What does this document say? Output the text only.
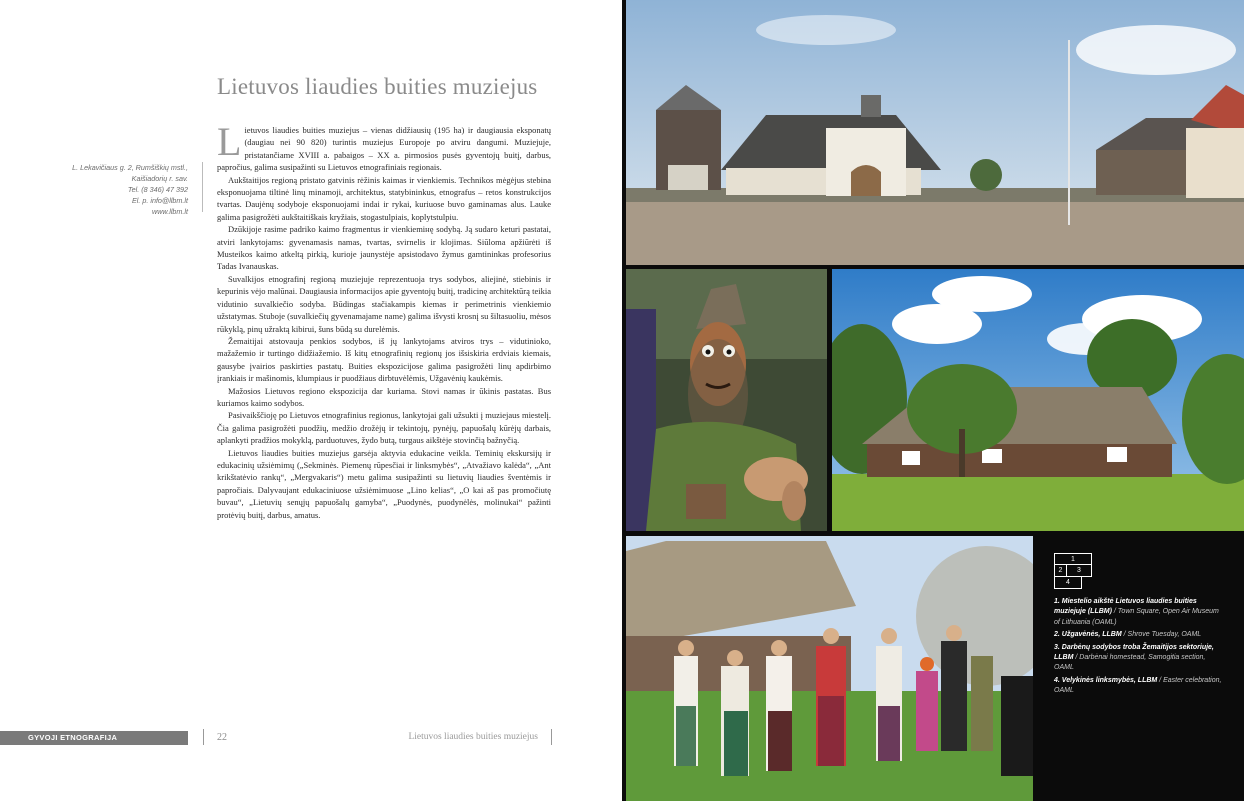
Lietuvos liaudies buities muziejus
L. Lekavičiaus g. 2, Rumšiškių mstl.,
Kaišiadorių r. sav.
Tel. (8 346) 47 392
El. p. info@llbm.lt
www.llbm.lt

Lietuvos liaudies buities muziejus – vienas didžiausių (195 ha) ir daugiausia eksponatų (daugiau nei 90 820) turintis muziejus Europoje po atviru dangumi. Muziejuje, pristatančiame XVIII a. pabaigos – XX a. pirmosios pusės gyventojų buitį, darbus, papročius, galima susipažinti su Lietuvos etnografiniais regionais.

Aukštaitijos regioną pristato gatvinis rėžinis kaimas ir vienkiemis. Technikos mėgėjus stebina eksponuojama tiltinė linų minamoji, architektus, statybininkus, etnografus – retos konstrukcijos tvartas. Daujėnų sodyboje eksponuojami indai ir rykai, kuriuose buvo gaminamas alus. Lauke galima pasigrožėti aukštaitiškais kryžiais, stogastulpiais, koplytstulpiu.

Dzūkijoje rasime padriko kaimo fragmentus ir vienkiemінę sodybą. Ją sudaro keturi pastatai, atviri lankytojams: gyvenamasis namas, tvartas, svirnelis ir klojimas. Siūloma apžiūrėti iš Musteikos kaimo atkeltą pirkią, kurioje jaunystėje apsistodavo žymus gamtininkas profesorius Tadas Ivanauskas.

Suvalkijos etnografinį regioną muziejuje reprezentuoja trys sodybos, aliejinė, stiebinis ir kepurinis vėjo malūnai. Daugiausia informacijos apie gyventojų buitį, tradicinę architektūrą teikia vidutinio suvalkiečio sodyba. Būdingas stačiakampis kiemas ir perimetrinis vienkiemio užstatymas. Stuboje (suvalkiečių gyvenamajame name) galima išvysti krosnį su šiltasuoliu, mėsos rūkyklą, pinų užraktą kibirui, šuns būdą su durelėmis.

Žemaitijai atstovauja penkios sodybos, iš jų lankytojams atviros trys – vidutinioko, mažažemio ir turtingo didžiažemio. Iš kitų etnografinių regionų jos išsiskiria erdviais kiemais, gausybe įvairios paskirties pastatų. Buities ekspozicijose galima pasigrožėti linų apdirbimo įrankiais ir mašinomis, klumpiaus ir puodžiaus dirbtuvėlėmis, Užgavėnių kaukėmis.

Mažosios Lietuvos regiono ekspozicija dar kuriama. Stovi namas ir ūkinis pastatas. Bus kuriamos kaimo sodybos.

Pasivaikščioję po Lietuvos etnografinius regionus, lankytojai gali užsukti į muziejaus miestelį. Čia galima pasigrožėti puodžių, medžio drožėjų ir tekintojų, pynėjų, papuošalų kūrėjų darbais, aplankyti pradžios mokyklą, parduotuves, žydo butą, turgaus aikštėje stovinčią bažnyčią.

Lietuvos liaudies buities muziejus garsėja aktyvia edukacine veikla. Teminių ekskursijų ir edukacinių užsiėmimų („Sekminės. Piemenų rūpesčiai ir linksmybės“, „Atvažiavo kalėda“, „Ant krikštatėvio rankų“, „Mergvakaris“) metu galima susipažinti su lietuvių liaudies šventėmis ir papročiais. Dalyvaujant edukaciniuose užsiėmimuose „Lino kelias“, „O kai aš pas promočiutę buvau“, „Lietuvių senųjų papuošalų gamyba“, „Puodynės, puodynėlės, molinukai“ pažinti protėvių buitį, darbus, amatus.

GYVOJI ETNOGRAFIJA	22	Lietuvos liaudies buities muziejus
1
2	3
4
1. Miestelio aikštė Lietuvos liaudies buities muziejuje (LLBM) / Town Square, Open Air Museum of Lithuania (OAML)
2. Užgavėnės, LLBM / Shrove Tuesday, OAML
3. Darbėnų sodybos troba Žemaitijos sektoriuje, LLBM / Darbėnai homestead, Samogitia section, OAML
4. Velykinės linksmybės, LLBM / Easter celebration, OAML
